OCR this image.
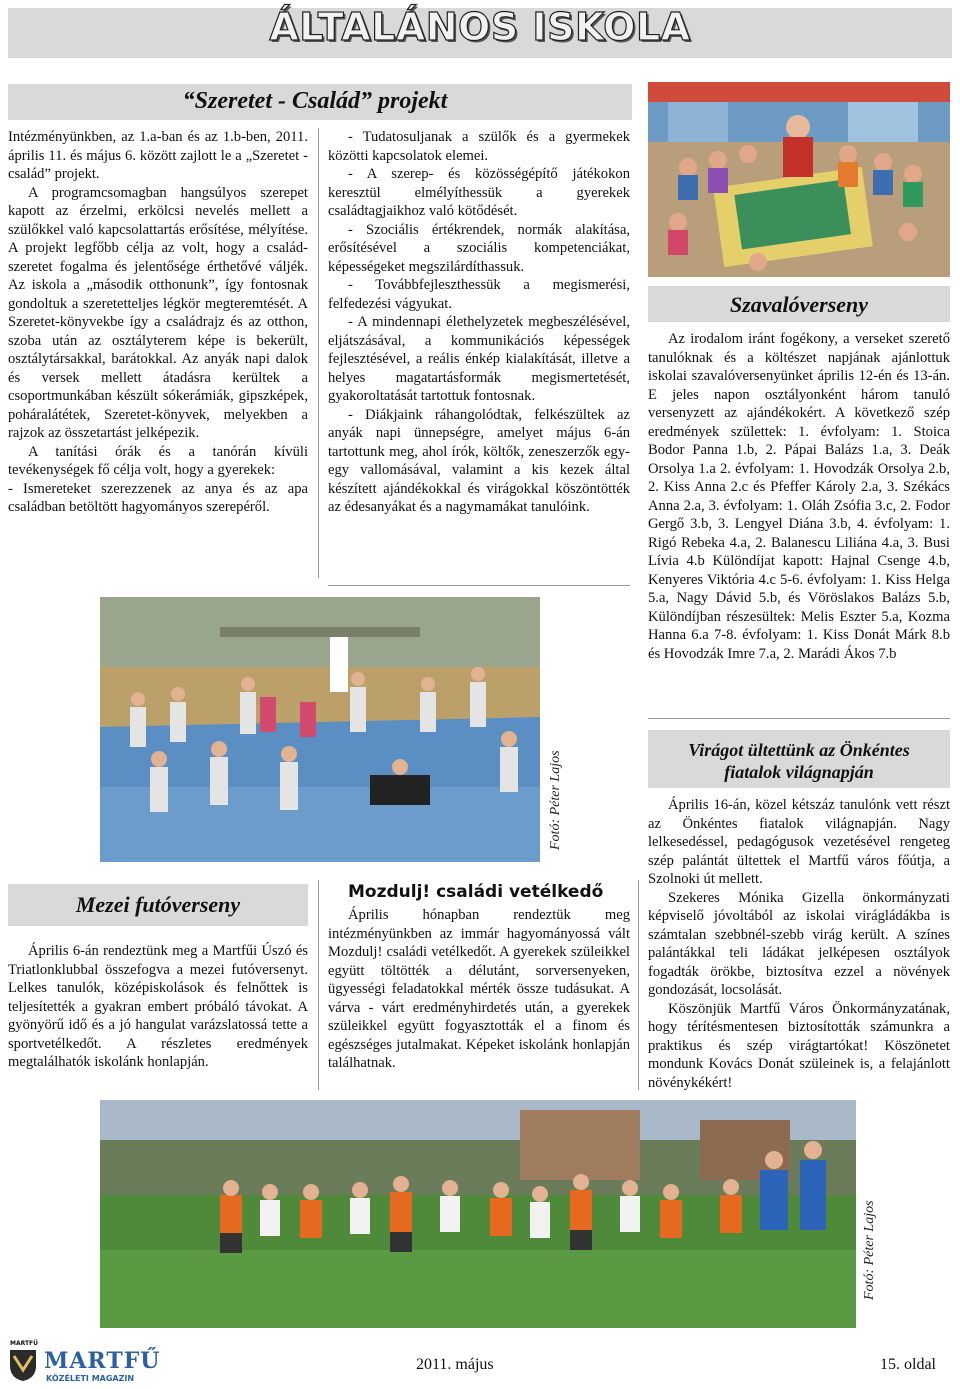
ÁLTALÁNOS ISKOLA
“Szeretet - Család” projekt

Intézményünkben, az 1.a-ban és az 1.b-ben, 2011. április 11. és május 6. között zajlott le a „Szeretet - család” projekt.

A programcsomagban hangsúlyos szerepet kapott az érzelmi, erkölcsi nevelés mellett a szülőkkel való kapcsolattartás erősítése, mélyítése. A projekt legfőbb célja az volt, hogy a család-szeretet fogalma és jelentősége érthetővé váljék. Az iskola a „második otthonunk”, így fontosnak gondoltuk a szeretetteljes légkör megteremtését. A Szeretet-könyvekbe így a családrajz és az otthon, szoba után az osztályterem képe is bekerült, osztálytársakkal, barátokkal. Az anyák napi dalok és versek mellett átadásra kerültek a csoportmunkában készült sókerámiák, gipszképek, poháralátétek, Szeretet-könyvek, melyekben a rajzok az összetartást jelképezik.

A tanítási órák és a tanórán kívüli tevékenységek fő célja volt, hogy a gyerekek:

- Ismereteket szerezzenek az anya és az apa családban betöltött hagyományos szerepéről.

- Tudatosuljanak a szülők és a gyermekek közötti kapcsolatok elemei.

- A szerep- és közösségépítő játékokon keresztül elmélyíthessük a gyerekek családtagjaikhoz való kötődését.

- Szociális értékrendek, normák alakítása, erősítésével a szociális kompetenciákat, képességeket megszilárdíthassuk.

- Továbbfejleszthessük a megismerési, felfedezési vágyukat.

- A mindennapi élethelyzetek megbeszélésével, eljátszásával, a kommunikációs képességek fejlesztésével, a reális énkép kialakítását, illetve a helyes magatartásformák megismertetését, gyakoroltatását tartottuk fontosnak.

- Diákjaink ráhangolódtak, felkészültek az anyák napi ünnepségre, amelyet május 6-án tartottunk meg, ahol írók, költők, zeneszerzők egy-egy vallomásával, valamint a kis kezek által készített ajándékokkal és virágokkal köszöntötték az édesanyákat és a nagymamákat tanulóink.

Szavalóverseny

Az irodalom iránt fogékony, a verseket szerető tanulóknak és a költészet napjának ajánlottuk iskolai szavalóversenyünket április 12-én és 13-án. E jeles napon osztályonként három tanuló versenyzett az ajándékokért. A következő szép eredmények születtek: 1. évfolyam: 1. Stoica Bodor Panna 1.b, 2. Pápai Balázs 1.a, 3. Deák Orsolya 1.a 2. évfolyam: 1. Hovodzák Orsolya 2.b, 2. Kiss Anna 2.c és Pfeffer Károly 2.a, 3. Székács Anna 2.a, 3. évfolyam: 1. Oláh Zsófia 3.c, 2. Fodor Gergő 3.b, 3. Lengyel Diána 3.b, 4. évfolyam: 1. Rigó Rebeka 4.a, 2. Balanescu Liliána 4.a, 3. Busi Lívia 4.b Különdíjat kapott: Hajnal Csenge 4.b, Kenyeres Viktória 4.c 5-6. évfolyam: 1. Kiss Helga 5.a, Nagy Dávid 5.b, és Vöröslakos Balázs 5.b, Különdíjban részesültek: Melis Eszter 5.a, Kozma Hanna 6.a 7-8. évfolyam: 1. Kiss Donát Márk 8.b és Hovodzák Imre 7.a, 2. Marádi Ákos 7.b

Fotó: Péter Lajos
Mezei futóverseny

Április 6-án rendeztünk meg a Martfűi Úszó és Triatlonklubbal összefogva a mezei futóversenyt. Lelkes tanulók, középiskolások és felnőttek is teljesítették a gyakran embert próbáló távokat. A gyönyörű idő és a jó hangulat varázslatossá tette a sportvetélkedőt. A részletes eredmények megtalálhatók iskolánk honlapján.

Mozdulj! családi vetélkedő

Április hónapban rendeztük meg intézményünkben az immár hagyományossá vált Mozdulj! családi vetélkedőt. A gyerekek szüleikkel együtt töltötték a délutánt, sorversenyeken, ügyességi feladatokkal mérték össze tudásukat. A várva - várt eredményhirdetés után, a gyerekek szüleikkel együtt fogyasztották el a finom és egészséges jutalmakat. Képeket iskolánk honlapján találhatnak.

Virágot ültettünk az Önkéntes
fiatalok világnapján

Április 16-án, közel kétszáz tanulónk vett részt az Önkéntes fiatalok világnapján. Nagy lelkesedéssel, pedagógusok vezetésével rengeteg szép palántát ültettek el Martfű város főútja, a Szolnoki út mellett.

Szekeres Mónika Gizella önkormányzati képviselő jóvoltából az iskolai virágládákba is számtalan szebbnél-szebb virág került. A színes palántákkal teli ládákat jelképesen osztályok fogadták örökbe, biztosítva ezzel a növények gondozását, locsolását.

Köszönjük Martfű Város Önkormányzatának, hogy térítésmentesen biztosították számunkra a praktikus és szép virágtartókat! Köszönetet mondunk Kovács Donát szüleinek is, a felajánlott növénykékért!

Fotó: Péter Lajos
MARTFŰ
MARTFŰ
KÖZÉLETI MAGAZIN
2011. május	15. oldal
